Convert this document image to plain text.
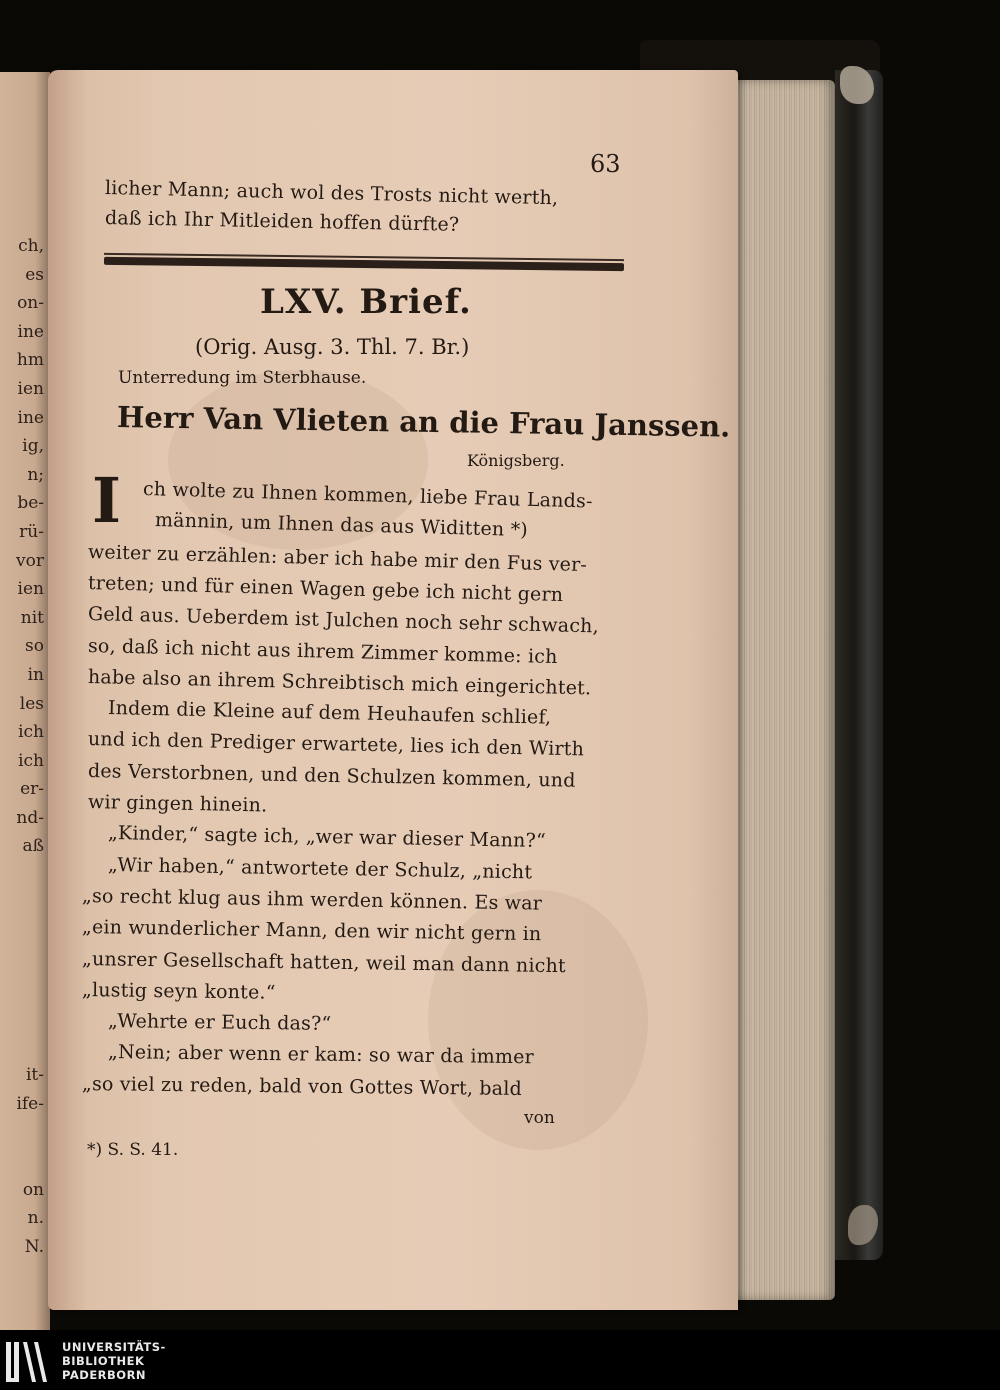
ch,
es
on-
ine
hm
ien
ine
ig,
n;
be-
rü-
vor
ien
nit
so
in
les
ich
ich
er-
nd-
aß
it-
ife-
on
n.
N.
63
licher Mann; auch wol des Trosts nicht werth,
daß ich Ihr Mitleiden hoffen dürfte?
LXV. Brief.
(Orig. Ausg. 3. Thl. 7. Br.)
Unterredung im Sterbhause.
Herr Van Vlieten an die Frau Janssen.
Königsberg.
I ch wolte zu Ihnen kommen, liebe Frau Lands-
männin, um Ihnen das aus Widitten *)
weiter zu erzählen: aber ich habe mir den Fus ver-
treten; und für einen Wagen gebe ich nicht gern
Geld aus. Ueberdem ist Julchen noch sehr schwach,
so, daß ich nicht aus ihrem Zimmer komme: ich
habe also an ihrem Schreibtisch mich eingerichtet.
Indem die Kleine auf dem Heuhaufen schlief,
und ich den Prediger erwartete, lies ich den Wirth
des Verstorbnen, und den Schulzen kommen, und
wir gingen hinein.
„Kinder,“ sagte ich, „wer war dieser Mann?“
„Wir haben,“ antwortete der Schulz, „nicht
„so recht klug aus ihm werden können. Es war
„ein wunderlicher Mann, den wir nicht gern in
„unsrer Gesellschaft hatten, weil man dann nicht
„lustig seyn konte.“
„Wehrte er Euch das?“
„Nein; aber wenn er kam: so war da immer
„so viel zu reden, bald von Gottes Wort, bald
von
*) S. S. 41.
UNIVERSITÄTS-
BIBLIOTHEK
PADERBORN
